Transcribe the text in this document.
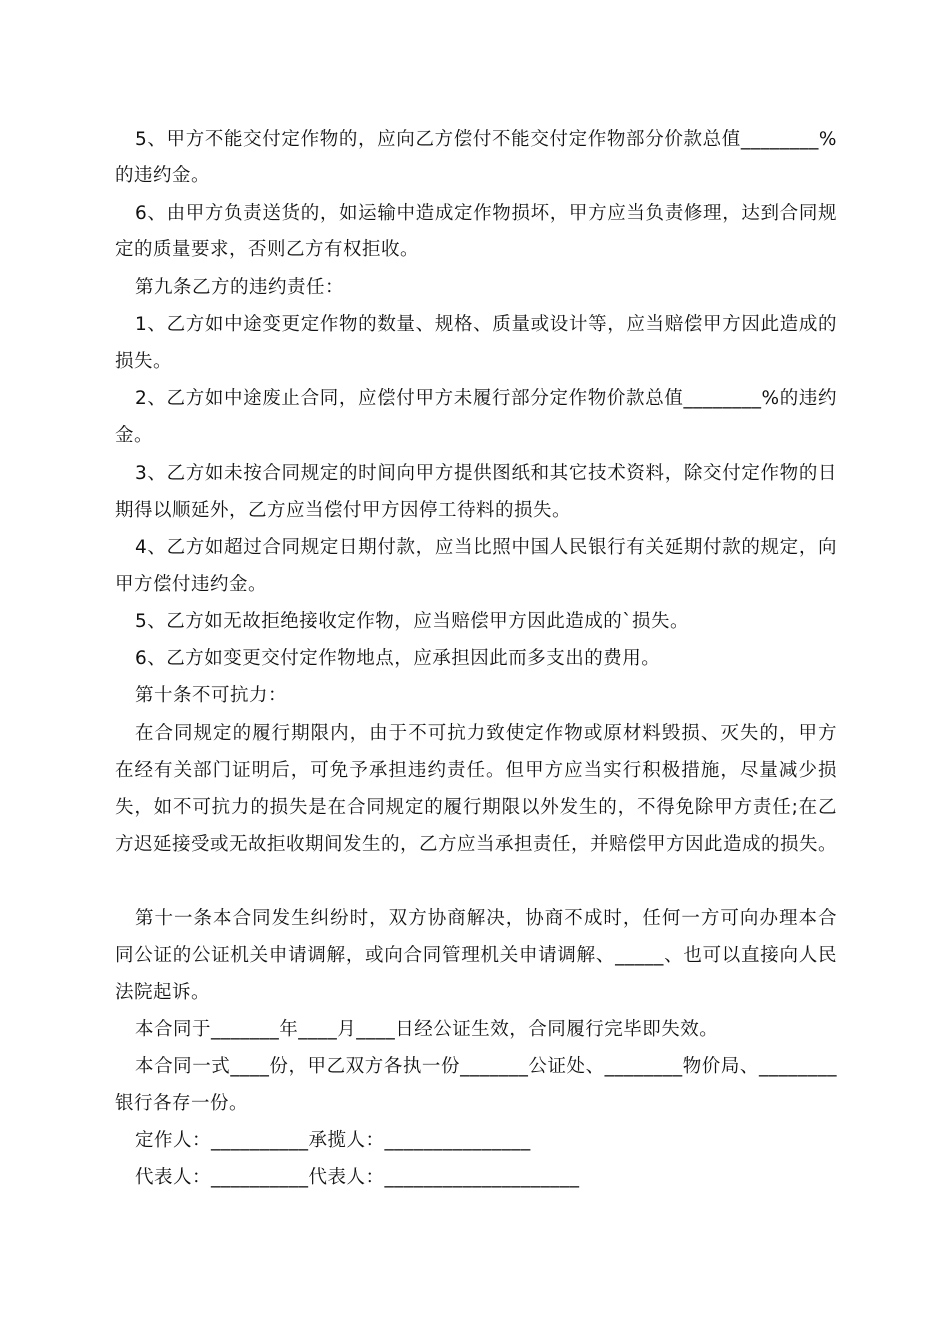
5、甲方不能交付定作物的，应向乙方偿付不能交付定作物部分价款总值________%
的违约金。
6、由甲方负责送货的，如运输中造成定作物损坏，甲方应当负责修理，达到合同规
定的质量要求，否则乙方有权拒收。
第九条乙方的违约责任：
1、乙方如中途变更定作物的数量、规格、质量或设计等，应当赔偿甲方因此造成的
损失。
2、乙方如中途废止合同，应偿付甲方未履行部分定作物价款总值________%的违约
金。
3、乙方如未按合同规定的时间向甲方提供图纸和其它技术资料，除交付定作物的日
期得以顺延外，乙方应当偿付甲方因停工待料的损失。
4、乙方如超过合同规定日期付款，应当比照中国人民银行有关延期付款的规定，向
甲方偿付违约金。
5、乙方如无故拒绝接收定作物，应当赔偿甲方因此造成的`损失。
6、乙方如变更交付定作物地点，应承担因此而多支出的费用。
第十条不可抗力：
在合同规定的履行期限内，由于不可抗力致使定作物或原材料毁损、灭失的，甲方
在经有关部门证明后，可免予承担违约责任。但甲方应当实行积极措施，尽量减少损
失，如不可抗力的损失是在合同规定的履行期限以外发生的，不得免除甲方责任;在乙
方迟延接受或无故拒收期间发生的，乙方应当承担责任，并赔偿甲方因此造成的损失。
第十一条本合同发生纠纷时，双方协商解决，协商不成时，任何一方可向办理本合
同公证的公证机关申请调解，或向合同管理机关申请调解、_____、也可以直接向人民
法院起诉。
本合同于_______年____月____日经公证生效，合同履行完毕即失效。
本合同一式____份，甲乙双方各执一份_______公证处、________物价局、________
银行各存一份。
定作人：__________承揽人：_______________
代表人：__________代表人：____________________
